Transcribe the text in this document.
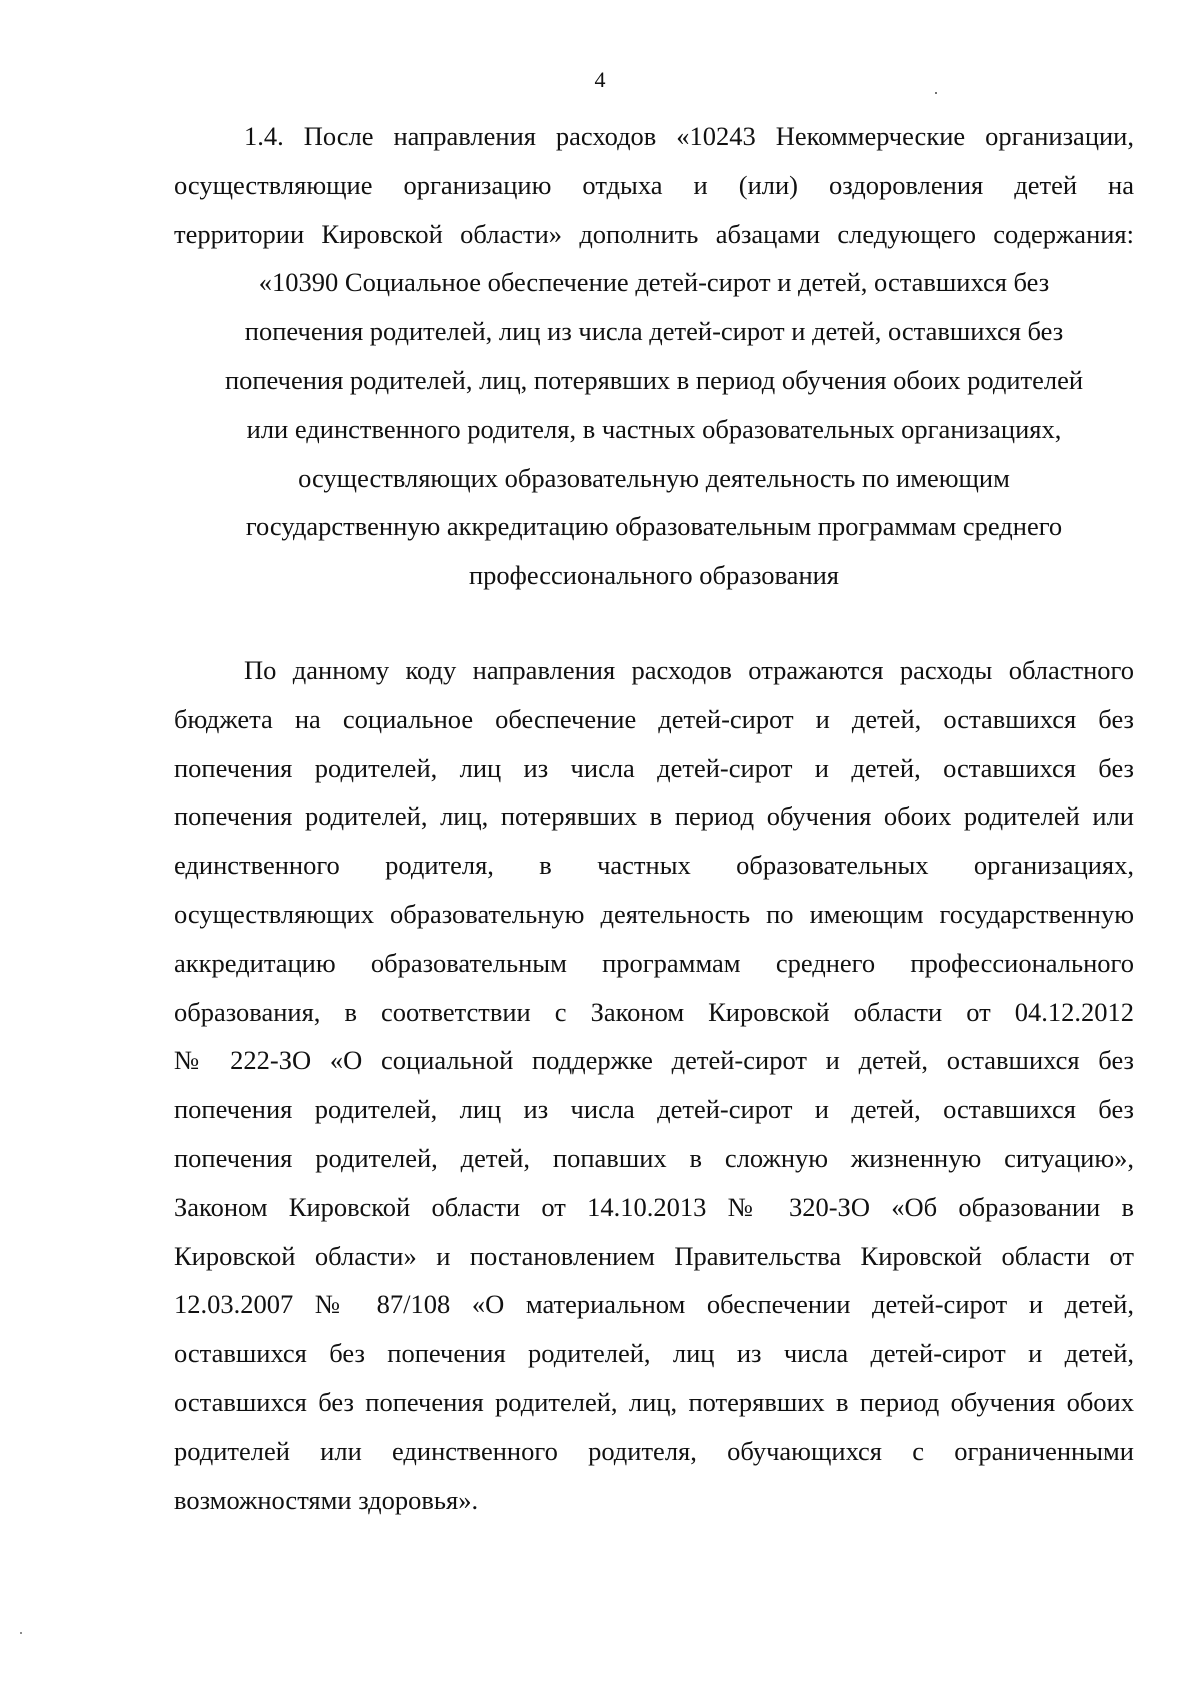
4

1.4. После направления расходов «10243 Некоммерческие организации,

осуществляющие организацию отдыха и (или) оздоровления детей на

территории Кировской области» дополнить абзацами следующего содержания:

«10390 Социальное обеспечение детей-сирот и детей, оставшихся без

попечения родителей, лиц из числа детей-сирот и детей, оставшихся без

попечения родителей, лиц, потерявших в период обучения обоих родителей

или единственного родителя, в частных образовательных организациях,

осуществляющих образовательную деятельность по имеющим

государственную аккредитацию образовательным программам среднего

профессионального образования

По данному коду направления расходов отражаются расходы областного

бюджета на социальное обеспечение детей-сирот и детей, оставшихся без

попечения родителей, лиц из числа детей-сирот и детей, оставшихся без

попечения родителей, лиц, потерявших в период обучения обоих родителей или

единственного родителя, в частных образовательных организациях,

осуществляющих образовательную деятельность по имеющим государственную

аккредитацию образовательным программам среднего профессионального

образования, в соответствии с Законом Кировской области от 04.12.2012

№ 222-ЗО «О социальной поддержке детей-сирот и детей, оставшихся без

попечения родителей, лиц из числа детей-сирот и детей, оставшихся без

попечения родителей, детей, попавших в сложную жизненную ситуацию»,

Законом Кировской области от 14.10.2013 № 320-ЗО «Об образовании в

Кировской области» и постановлением Правительства Кировской области от

12.03.2007 № 87/108 «О материальном обеспечении детей-сирот и детей,

оставшихся без попечения родителей, лиц из числа детей-сирот и детей,

оставшихся без попечения родителей, лиц, потерявших в период обучения обоих

родителей или единственного родителя, обучающихся с ограниченными

возможностями здоровья».
